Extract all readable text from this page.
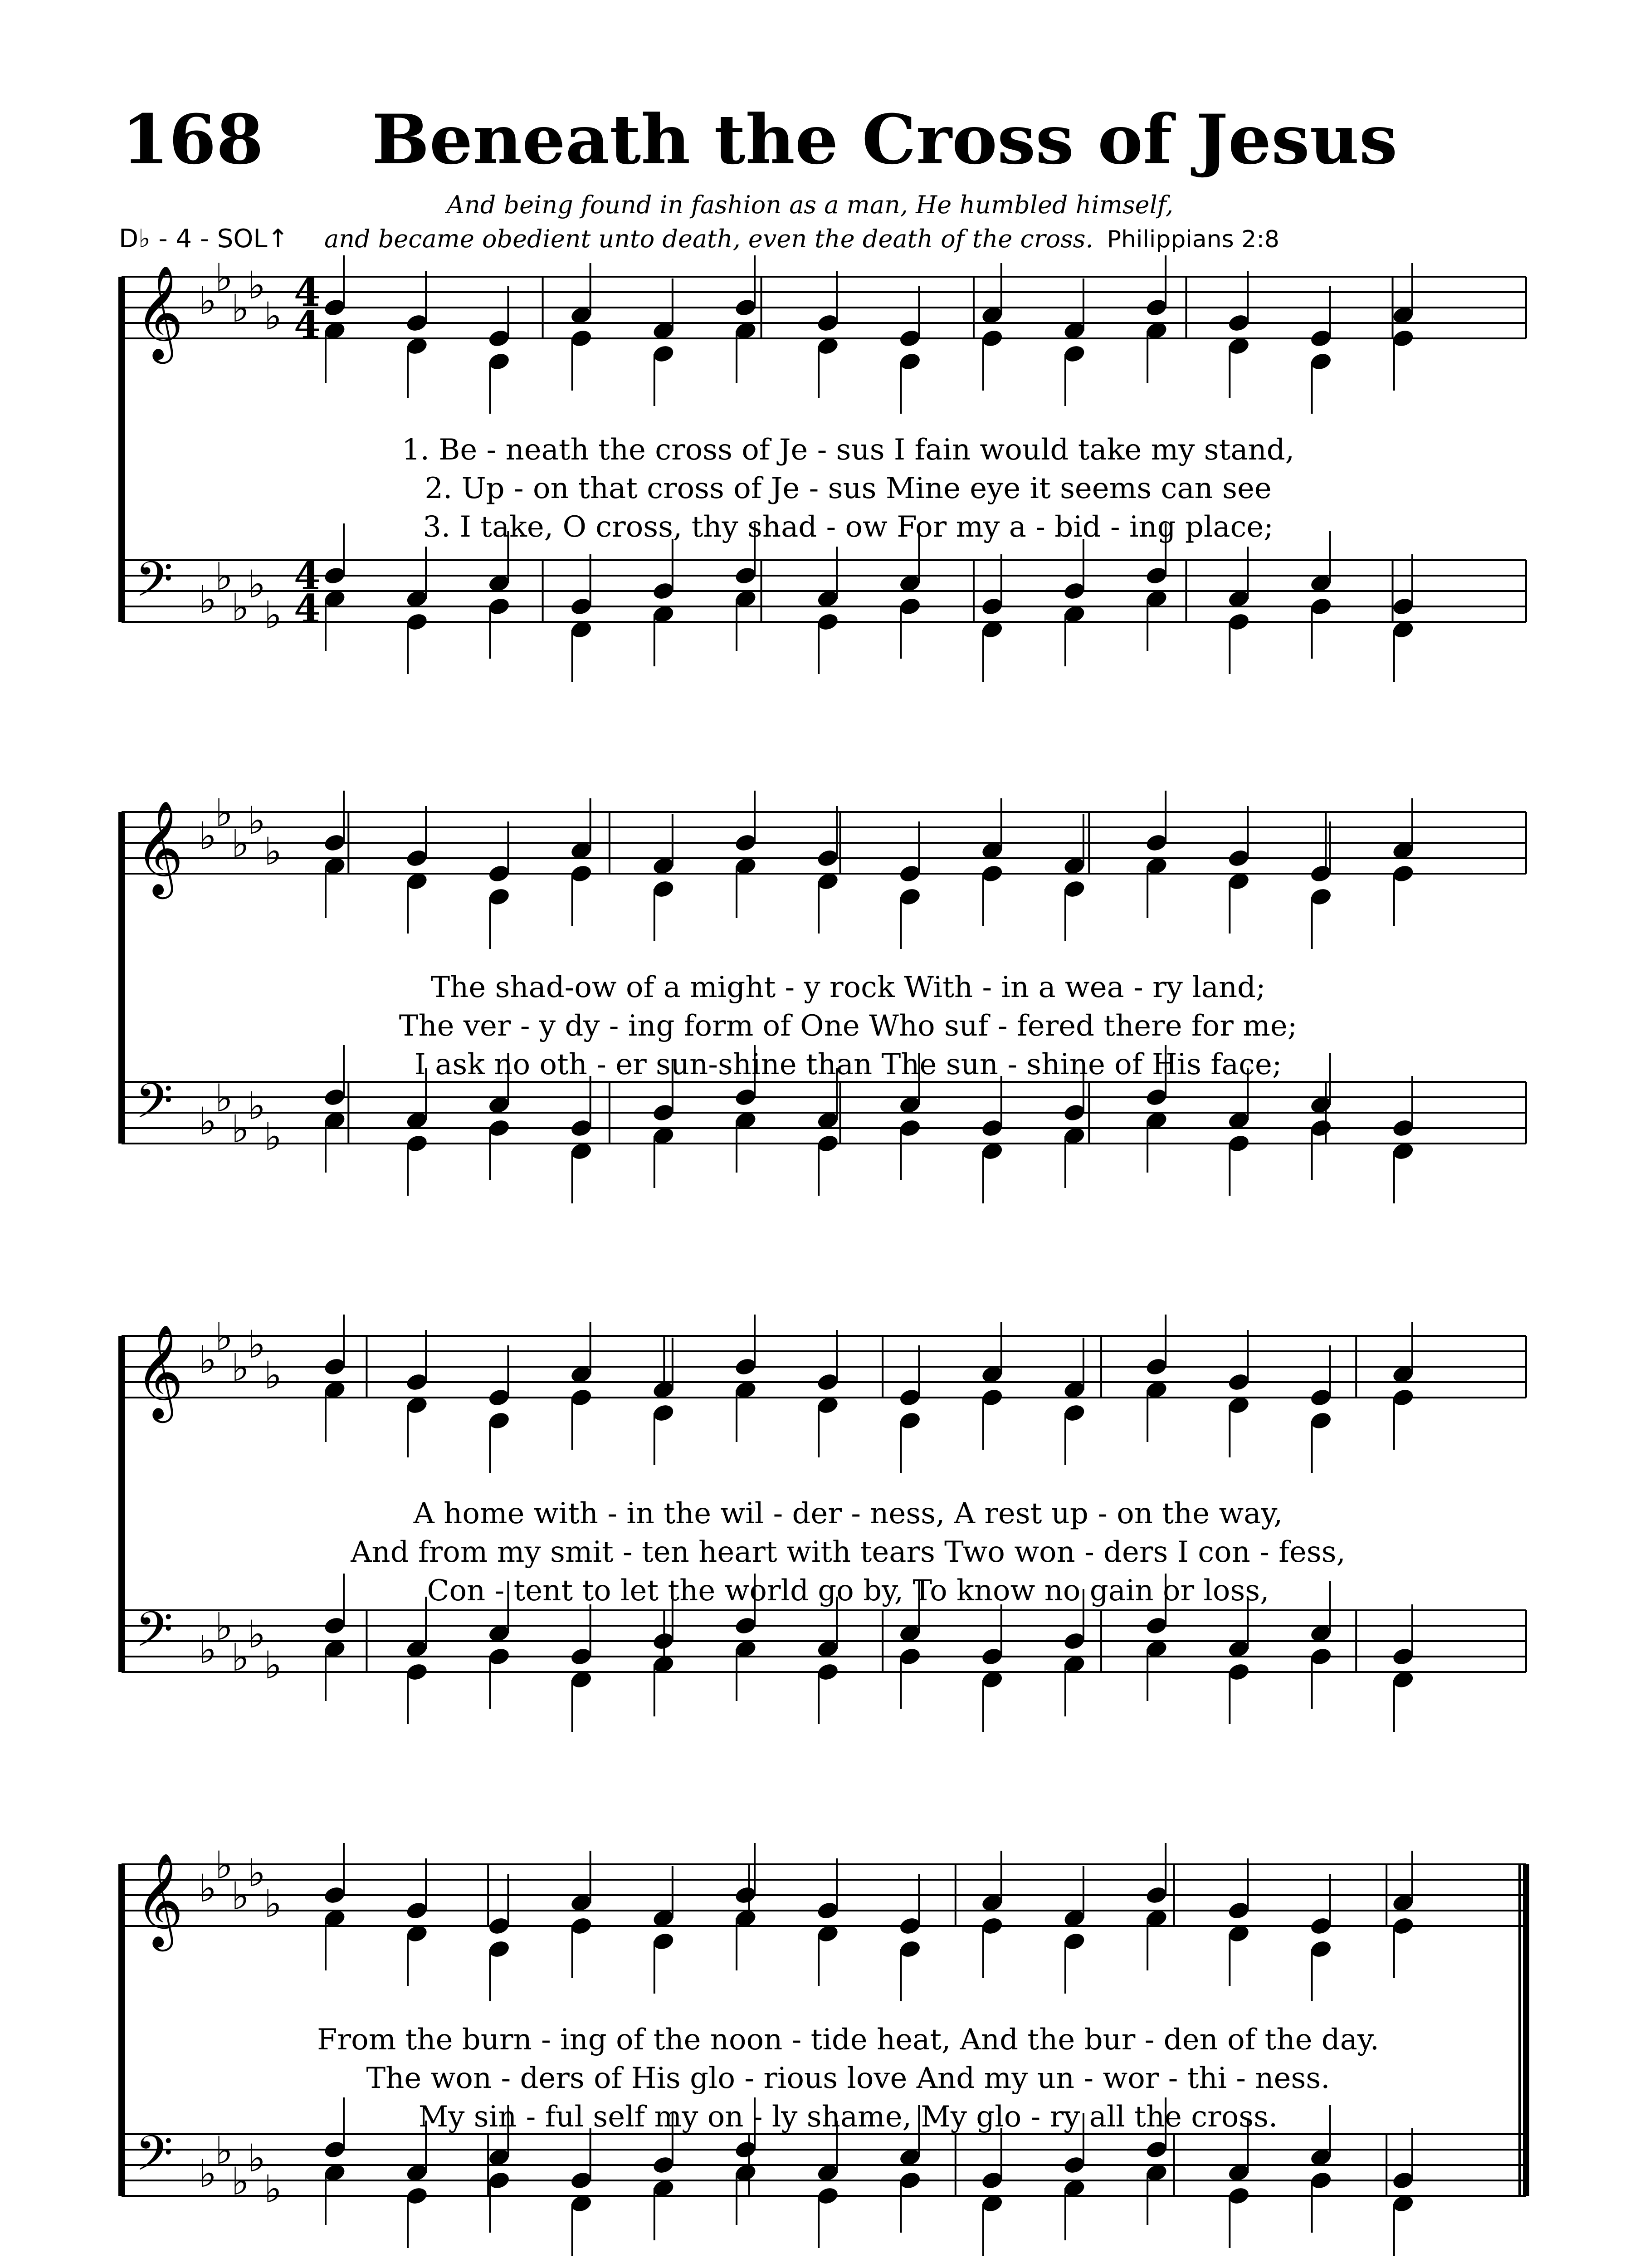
168 Beneath the Cross of Jesus
D♭ - 4 - SOL↑
And being found in fashion as a man, He humbled himself,
and became obedient unto death, even the death of the cross. Philippians 2:8
𝄞
𝄢
♭
♭
♭
♭
♭
♭
♭
♭
♭
♭
4
4
4
4
𝄞
𝄢
♭
♭
♭
♭
♭
♭
♭
♭
♭
♭
𝄞
𝄢
♭
♭
♭
♭
♭
♭
♭
♭
♭
♭
𝄞
𝄢
♭
♭
♭
♭
♭
♭
♭
♭
♭
♭
1. Be - neath the cross of Je - sus I fain would take my stand,
2. Up - on that cross of Je - sus Mine eye it seems can see
3. I take, O cross, thy shad - ow For my a - bid - ing place;
The shad-ow of a might - y rock With - in a wea - ry land;
The ver - y dy - ing form of One Who suf - fered there for me;
I ask no oth - er sun-shine than The sun - shine of His face;
A home with - in the wil - der - ness, A rest up - on the way,
And from my smit - ten heart with tears Two won - ders I con - fess,
Con - tent to let the world go by, To know no gain or loss,
From the burn - ing of the noon - tide heat, And the bur - den of the day.
The won - ders of His glo - rious love And my un - wor - thi - ness.
My sin - ful self my on - ly shame, My glo - ry all the cross.
